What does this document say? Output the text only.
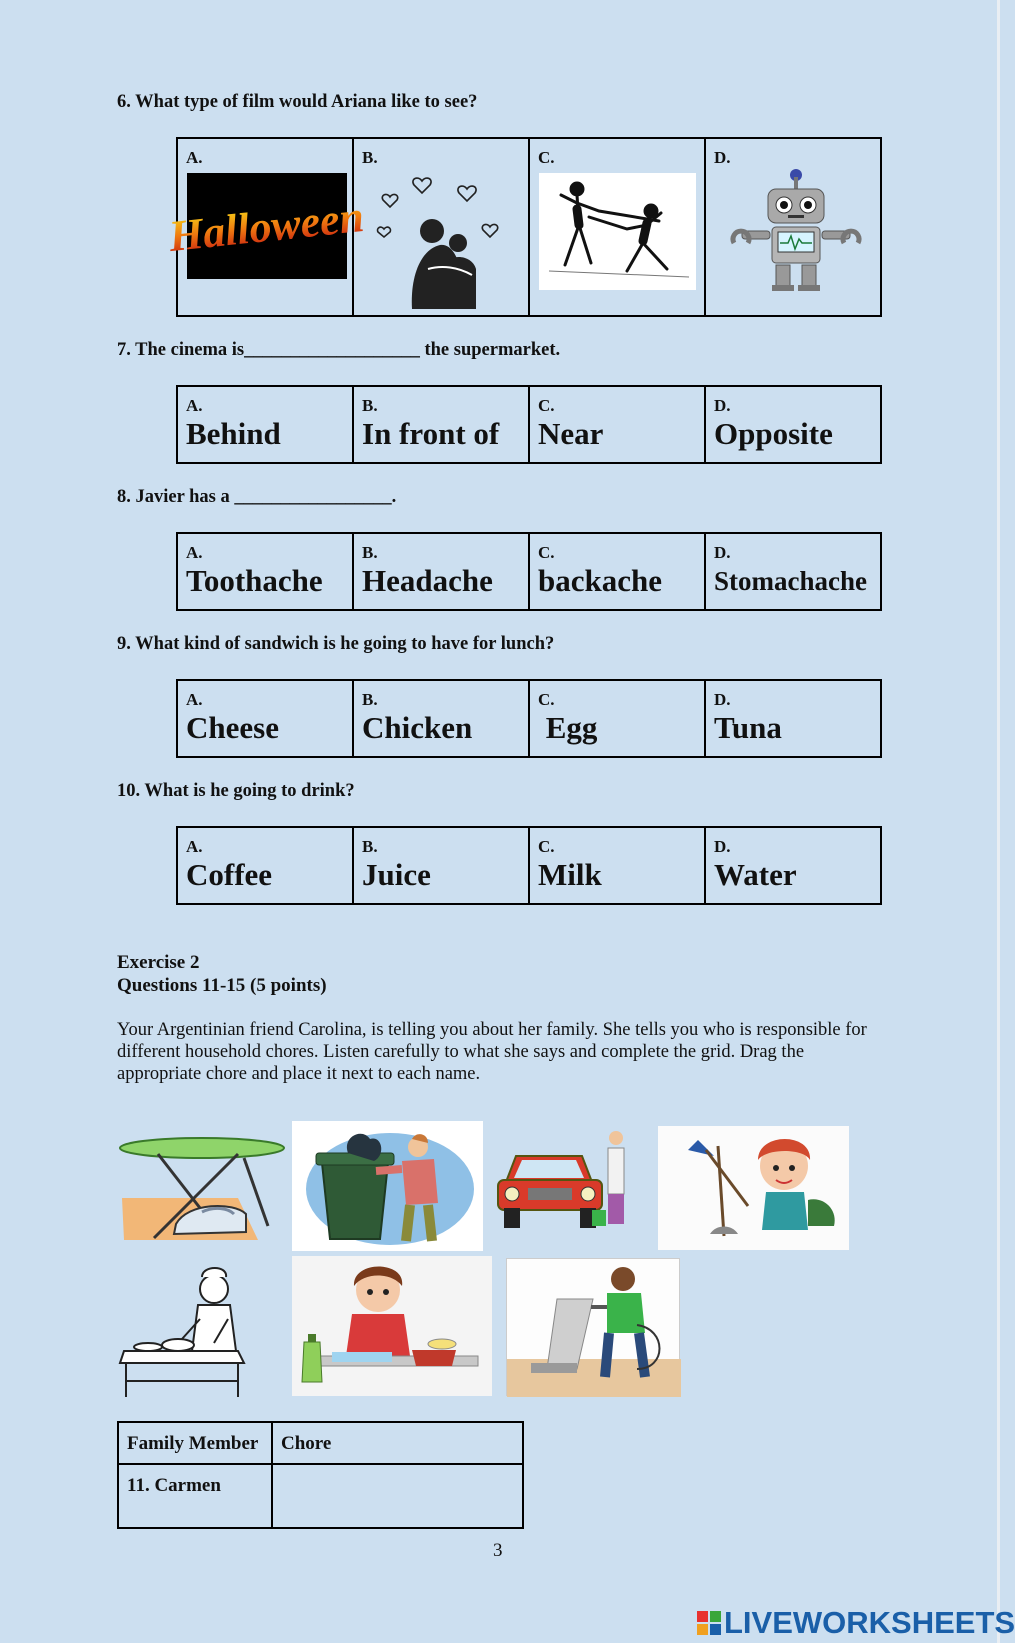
6. What type of film would Ariana like to see?
A.
Halloween
B.	C.	D.
7. The cinema is___________________ the supermarket.
A.
Behind
B.
In front of
C.
Near
D.
Opposite
8. Javier has a _________________.
A.
Toothache
B.
Headache
C.
backache
D.
Stomachache
9. What kind of sandwich is he going to have for lunch?
A.
Cheese
B.
Chicken
C.
Egg
D.
Tuna
10. What is he going to drink?
A.
Coffee
B.
Juice
C.
Milk
D.
Water
Exercise 2
Questions 11-15 (5 points)
Your Argentinian friend Carolina, is telling you about her family. She tells you who is responsible for different household chores. Listen carefully to what she says and complete the grid. Drag the appropriate chore and place it next to each name.
Family Member	Chore
11. Carmen	
3
LIVEWORKSHEETS
